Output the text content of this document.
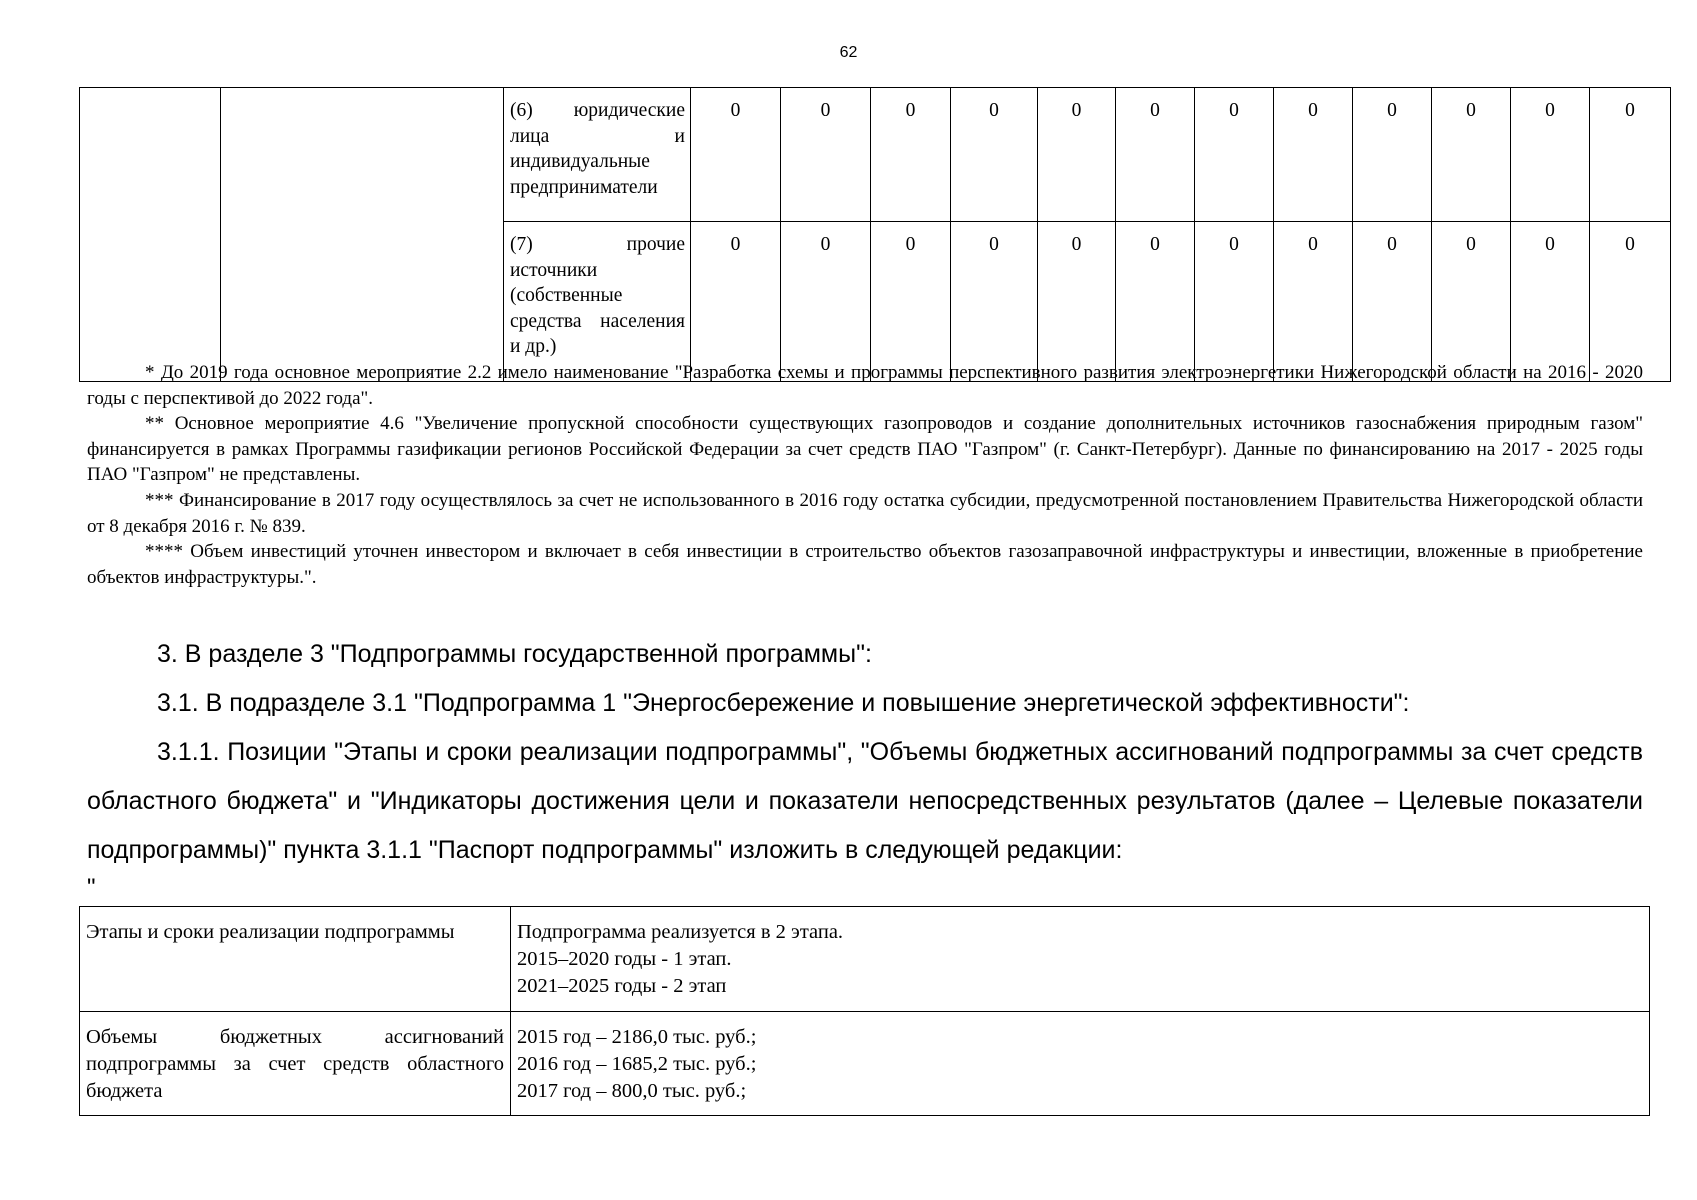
62
		(6) юридические лица и индивидуальные предприниматели	0	0	0	0	0	0	0	0	0	0	0	0
		(7) прочие источники (собственные средства населения и др.)	0	0	0	0	0	0	0	0	0	0	0	0

* До 2019 года основное мероприятие 2.2 имело наименование "Разработка схемы и программы перспективного развития электроэнергетики Нижегородской области на 2016 - 2020 годы с перспективой до 2022 года".

** Основное мероприятие 4.6 "Увеличение пропускной способности существующих газопроводов и создание дополнительных источников газоснабжения природным газом" финансируется в рамках Программы газификации регионов Российской Федерации за счет средств ПАО "Газпром" (г. Санкт-Петербург). Данные по финансированию на 2017 - 2025 годы ПАО "Газпром" не представлены.

*** Финансирование в 2017 году осуществлялось за счет не использованного в 2016 году остатка субсидии, предусмотренной постановлением Правительства Нижегородской области от 8 декабря 2016 г. № 839.

**** Объем инвестиций уточнен инвестором и включает в себя инвестиции в строительство объектов газозаправочной инфраструктуры и инвестиции, вложенные в приобретение объектов инфраструктуры.".

3. В разделе 3 "Подпрограммы государственной программы":

3.1. В подразделе 3.1 "Подпрограмма 1 "Энергосбережение и повышение энергетической эффективности":

3.1.1. Позиции "Этапы и сроки реализации подпрограммы", "Объемы бюджетных ассигнований подпрограммы за счет средств областного бюджета" и "Индикаторы достижения цели и показатели непосредственных результатов (далее – Целевые показатели подпрограммы)" пункта 3.1.1 "Паспорт подпрограммы" изложить в следующей редакции:

"
Этапы и сроки реализации подпрограммы	Подпрограмма реализуется в 2 этапа.
2015–2020 годы - 1 этап.
2021–2025 годы - 2 этап

Объемы бюджетных ассигнований подпрограммы за счет средств областного бюджета	2015 год – 2186,0 тыс. руб.;
2016 год – 1685,2 тыс. руб.;
2017 год – 800,0 тыс. руб.;
